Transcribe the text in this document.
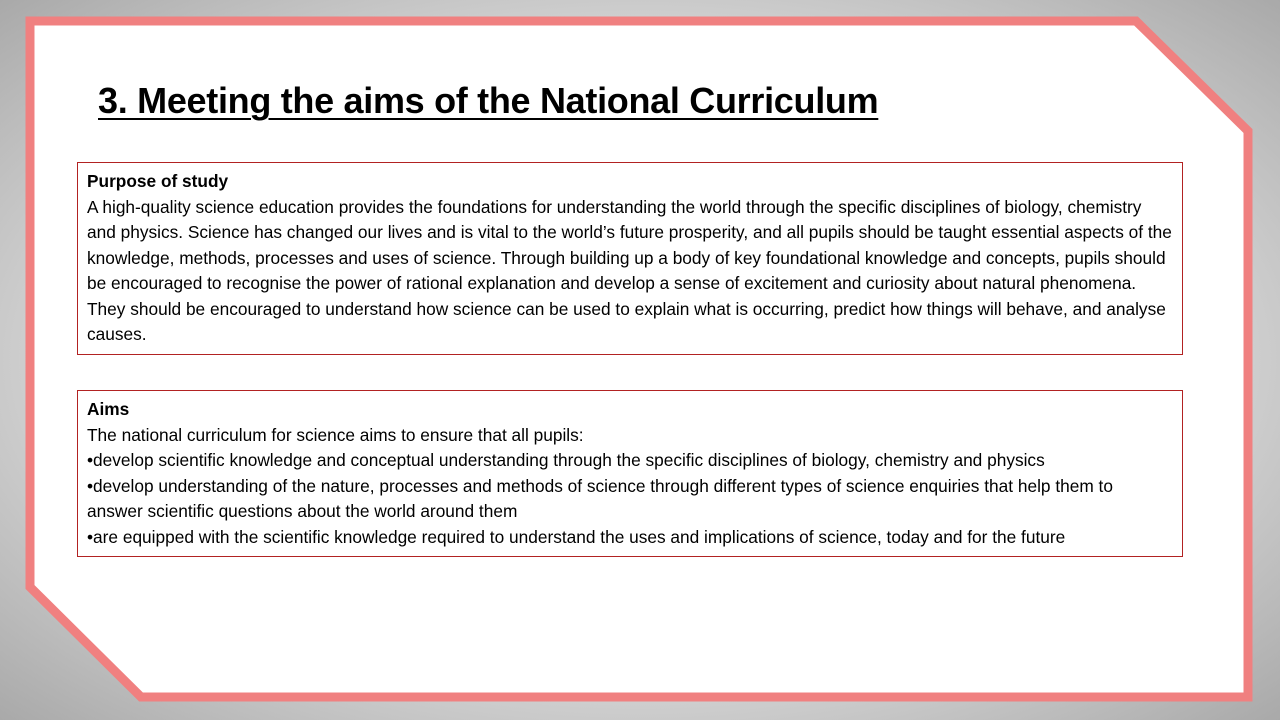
3. Meeting the aims of the National Curriculum
Purpose of study
A high-quality science education provides the foundations for understanding the world through the specific disciplines of biology, chemistry and physics. Science has changed our lives and is vital to the world’s future prosperity, and all pupils should be taught essential aspects of the knowledge, methods, processes and uses of science. Through building up a body of key foundational knowledge and concepts, pupils should be encouraged to recognise the power of rational explanation and develop a sense of excitement and curiosity about natural phenomena. They should be encouraged to understand how science can be used to explain what is occurring, predict how things will behave, and analyse causes.
Aims
The national curriculum for science aims to ensure that all pupils:
•develop scientific knowledge and conceptual understanding through the specific disciplines of biology, chemistry and physics
•develop understanding of the nature, processes and methods of science through different types of science enquiries that help them to answer scientific questions about the world around them
•are equipped with the scientific knowledge required to understand the uses and implications of science, today and for the future
